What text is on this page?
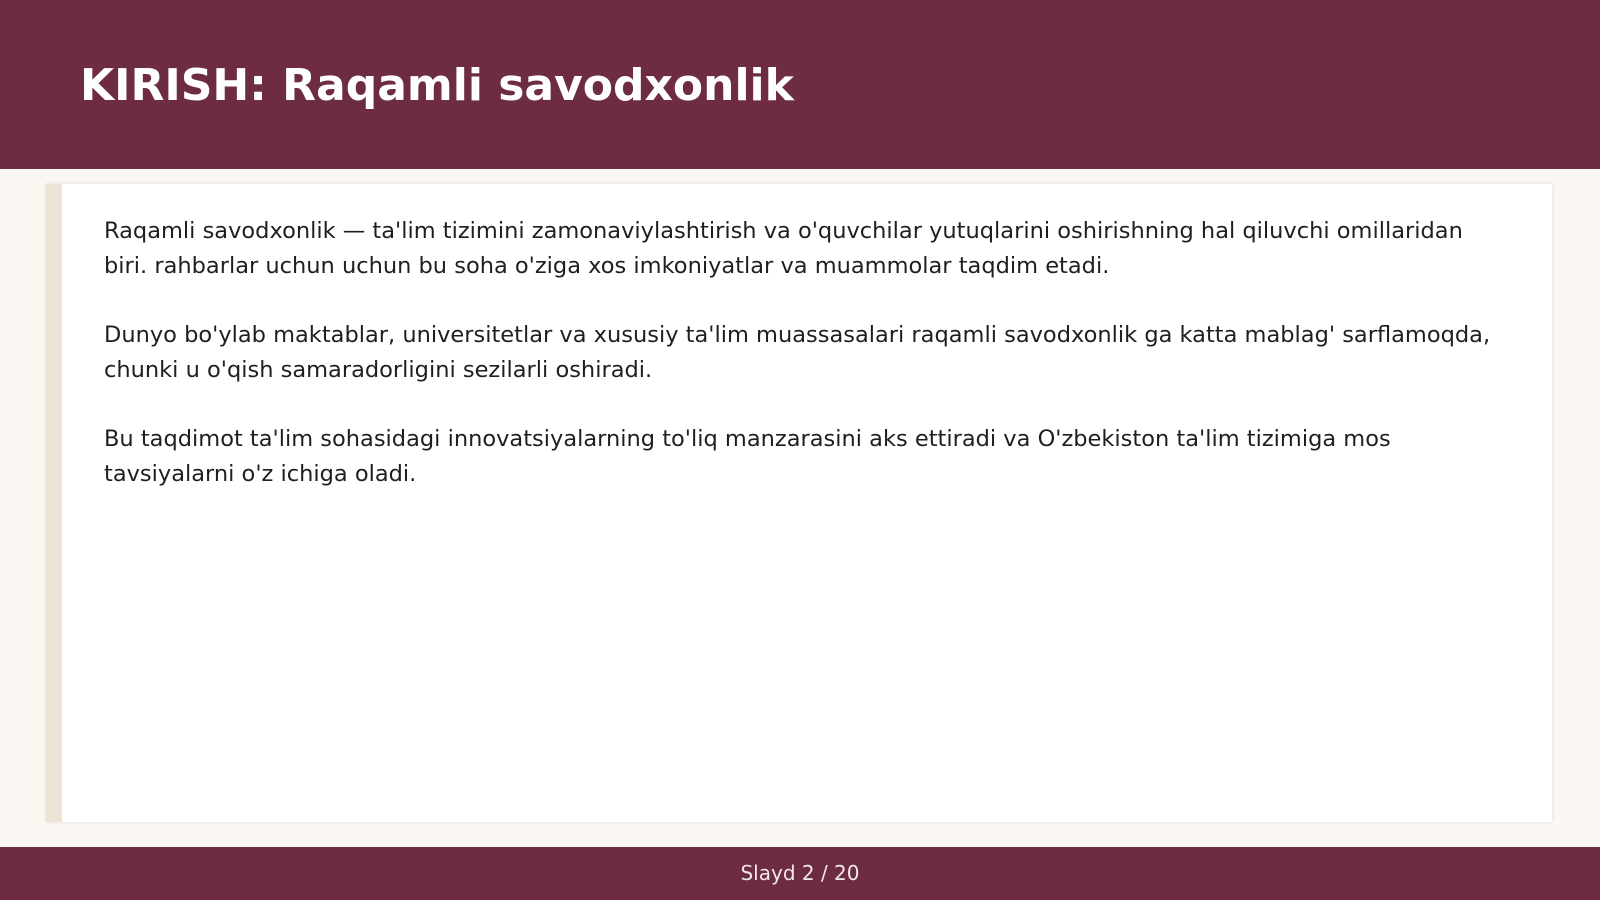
KIRISH: Raqamli savodxonlik

Raqamli savodxonlik — ta'lim tizimini zamonaviylashtirish va o'quvchilar yutuqlarini oshirishning hal qiluvchi omillaridan biri. rahbarlar uchun uchun bu soha o'ziga xos imkoniyatlar va muammolar taqdim etadi.

Dunyo bo'ylab maktablar, universitetlar va xususiy ta'lim muassasalari raqamli savodxonlik ga katta mablag' sarflamoqda, chunki u o'qish samaradorligini sezilarli oshiradi.

Bu taqdimot ta'lim sohasidagi innovatsiyalarning to'liq manzarasini aks ettiradi va O'zbekiston ta'lim tizimiga mos tavsiyalarni o'z ichiga oladi.

Slayd 2 / 20
